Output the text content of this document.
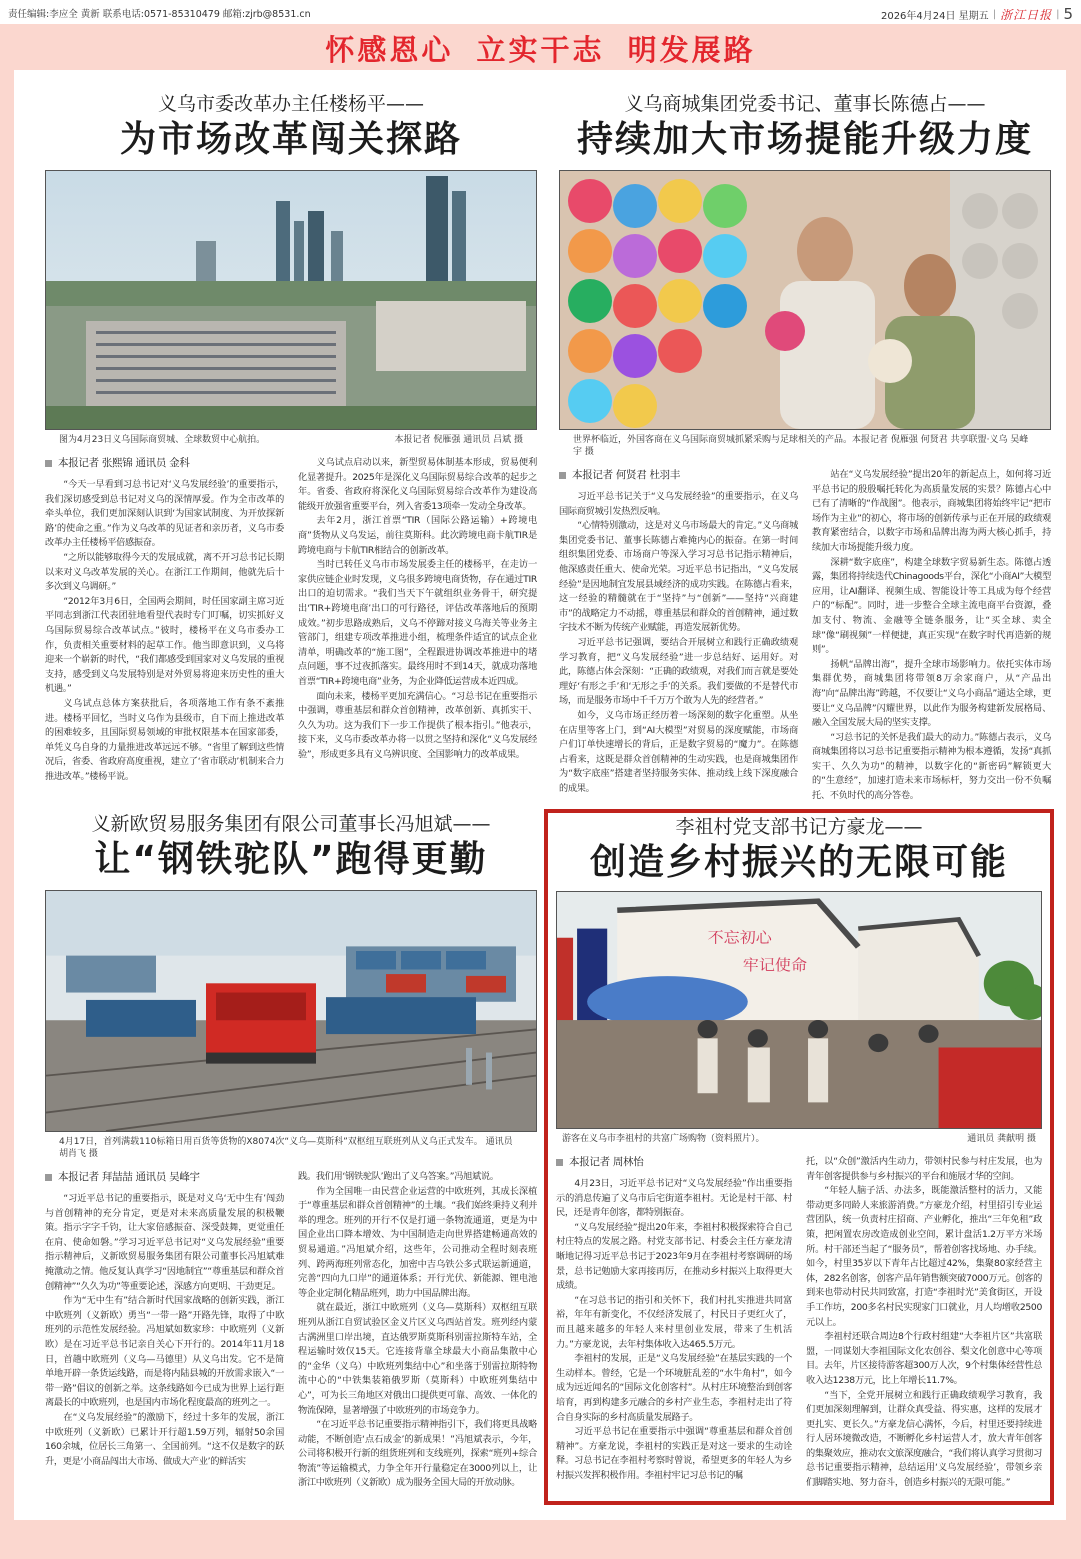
责任编辑:李应全 黄新 联系电话:0571-85310479 邮箱:zjrb@8531.cn	2026年4月24日 星期五 | 浙江日报 | 5
怀感恩心 立实干志 明发展路
义乌市委改革办主任楼杨平——
为市场改革闯关探路
图为4月23日义乌国际商贸城、全球数贸中心航拍。	本报记者 倪雁强 通讯员 吕斌 摄
本报记者 张熙锦 通讯员 金科

“今天一早看到习总书记对‘义乌发展经验’的重要指示，我们深切感受到总书记对义乌的深情厚爱。作为全市改革的牵头单位，我们更加深刻认识到‘为国家试制度、为开放探新路’的使命之重。”作为义乌改革的见证者和亲历者，义乌市委改革办主任楼杨平倍感振奋。

“之所以能够取得今天的发展成就，离不开习总书记长期以来对义乌改革发展的关心。在浙江工作期间，他就先后十多次到义乌调研。”

“2012年3月6日，全国两会期间，时任国家副主席习近平同志到浙江代表团驻地看望代表时专门叮嘱，切实抓好义乌国际贸易综合改革试点。”彼时，楼杨平在义乌市委办工作，负责相关重要材料的起草工作。他当即意识到，义乌将迎来一个崭新的时代，“我们都感受到国家对义乌发展的重视支持，感受到义乌发展特别是对外贸易将迎来历史性的重大机遇。”

义乌试点总体方案获批后，各项落地工作有条不紊推进。楼杨平回忆，当时义乌作为县级市，自下而上推进改革的困难较多，且国际贸易领域的审批权限基本在国家部委，单凭义乌自身的力量推进改革远远不够。“省里了解到这些情况后，省委、省政府高度重视，建立了‘省市联动’机制来合力推进改革。”楼杨平说。

义乌试点启动以来，新型贸易体制基本形成，贸易便利化显著提升。2025年是深化义乌国际贸易综合改革的起步之年。省委、省政府将深化义乌国际贸易综合改革作为建设高能级开放强省重要平台，列入省委13项牵一发动全身改革。

去年2月，浙江首票“TIR（国际公路运输）+跨境电商”货物从义乌发运，前往莫斯科。此次跨境电商卡航TIR是跨境电商与卡航TIR相结合的创新改革。

当时已转任义乌市市场发展委主任的楼杨平，在走访一家供应链企业时发现，义乌很多跨境电商货物，存在通过TIR出口的迫切需求。“我们当天下午就组织业务骨干，研究提出‘TIR+跨境电商’出口的可行路径，评估改革落地后的预期成效。”初步思路成熟后，义乌不停蹄对接义乌海关等业务主管部门，组建专项改革推进小组，梳理条件适宜的试点企业清单，明确改革的“施工图”，全程跟进协调改革推进中的堵点问题，事不过夜抓落实。最终用时不到14天，就成功落地首票“TIR+跨境电商”业务，为企业降低运营成本近四成。

面向未来，楼杨平更加充满信心。“习总书记在重要指示中强调，尊重基层和群众首创精神，改革创新、真抓实干、久久为功。这为我们下一步工作提供了根本指引。”他表示，接下来，义乌市委改革办将一以贯之坚持和深化“义乌发展经验”，形成更多具有义乌辨识度、全国影响力的改革成果。

义乌商城集团党委书记、董事长陈德占——
持续加大市场提能升级力度
世界杯临近，外国客商在义乌国际商贸城抓紧采购与足球相关的产品。本报记者 倪雁强 何贤君 共享联盟·义乌 吴峰宇 摄
本报记者 何贤君 杜羽丰

习近平总书记关于“义乌发展经验”的重要指示，在义乌国际商贸城引发热烈反响。

“心情特别激动，这是对义乌市场最大的肯定。”义乌商城集团党委书记、董事长陈德占难掩内心的振奋。在第一时间组织集团党委、市场商户等深入学习习总书记指示精神后，他深感责任重大、使命光荣。习近平总书记指出，“义乌发展经验”是因地制宜发展县域经济的成功实践。在陈德占看来，这一经验的精髓就在于“坚持”与“创新”——坚持“兴商建市”的战略定力不动摇，尊重基层和群众的首创精神，通过数字技术不断为传统产业赋能，再造发展新优势。

习近平总书记强调，要结合开展树立和践行正确政绩观学习教育，把“义乌发展经验”进一步总结好、运用好。对此，陈德占体会深刻：“正确的政绩观，对我们而言就是要处理好‘有形之手’和‘无形之手’的关系。我们要做的不是替代市场，而是服务市场中千千万万个敢为人先的经营者。”

如今，义乌市场正经历着一场深刻的数字化重塑。从坐在店里等客上门，到“AI大模型”对贸易的深度赋能，市场商户们订单快速增长的背后，正是数字贸易的“魔力”。在陈德占看来，这既是群众首创精神的生动实践，也是商城集团作为“数字底座”搭建者坚持服务实体、推动线上线下深度融合的成果。

站在“义乌发展经验”提出20年的新起点上，如何将习近平总书记的殷殷嘱托转化为高质量发展的实景？陈德占心中已有了清晰的“作战图”。他表示，商城集团将始终牢记“把市场作为主业”的初心，将市场的创新传承与正在开展的政绩观教育紧密结合，以数字市场和品牌出海为两大核心抓手，持续加大市场提能升级力度。

深耕“数字底座”，构建全球数字贸易新生态。陈德占透露，集团将持续迭代Chinagoods平台，深化“小商AI”大模型应用，让AI翻译、视频生成、智能设计等工具成为每个经营户的“标配”。同时，进一步整合全球主流电商平台资源，叠加支付、物流、金融等全链条服务，让“买全球、卖全球”像“刷视频”一样便捷，真正实现“在数字时代再造新的规则”。

扬帆“品牌出海”，提升全球市场影响力。依托实体市场集群优势，商城集团将带领8万余家商户，从“产品出海”向“品牌出海”跨越，不仅要让“义乌小商品”通达全球，更要让“义乌品牌”闪耀世界，以此作为服务构建新发展格局、融入全国发展大局的坚实支撑。

“习总书记的关怀是我们最大的动力。”陈德占表示，义乌商城集团将以习总书记重要指示精神为根本遵循，发扬“真抓实干、久久为功”的精神，以数字化的“新密码”解锁更大的“生意经”，加速打造未来市场标杆，努力交出一份不负嘱托、不负时代的高分答卷。

义新欧贸易服务集团有限公司董事长冯旭斌——
让“钢铁驼队”跑得更勤
4月17日，首列满载110标箱日用百货等货物的X8074次“义乌—莫斯科”双枢纽互联班列从义乌正式发车。 通讯员 胡肖飞 摄
本报记者 拜喆喆 通讯员 吴峰宇

“习近平总书记的重要指示，既是对义乌‘无中生有’闯劲与首创精神的充分肯定，更是对未来高质量发展的积极鞭策。指示字字千钧，让大家倍感振奋、深受鼓舞，更觉重任在肩、使命如磐。”学习习近平总书记对“义乌发展经验”重要指示精神后，义新欧贸易服务集团有限公司董事长冯旭斌难掩激动之情。他反复认真学习“因地制宜”“尊重基层和群众首创精神”“久久为功”等重要论述，深感方向更明、干劲更足。

作为“无中生有”结合新时代国家战略的创新实践，浙江中欧班列（义新欧）勇当“一带一路”开路先锋，取得了中欧班列的示范性发展经验。冯旭斌如数家珍：中欧班列（义新欧）是在习近平总书记亲自关心下开行的。2014年11月18日，首趟中欧班列（义乌—马德里）从义乌出发。它不是简单地开辟一条货运线路，而是将内陆县城的开放需求嵌入“一带一路”倡议的创新之举。这条线路如今已成为世界上运行距离最长的中欧班列，也是国内市场化程度最高的班列之一。

在“义乌发展经验”的激励下，经过十多年的发展，浙江中欧班列（义新欧）已累计开行超1.59万列，辐射50余国160余城，位居长三角第一、全国前列。“这不仅是数字的跃升，更是‘小商品闯出大市场、做成大产业’的鲜活实

践。我们用‘钢铁驼队’跑出了义乌答案。”冯旭斌说。

作为全国唯一由民营企业运营的中欧班列，其成长深植于“尊重基层和群众首创精神”的土壤。“我们始终秉持义利并举的理念。班列的开行不仅是打通一条物流通道，更是为中国企业出口降本增效、为中国制造走向世界搭建畅通高效的贸易通道。”冯旭斌介绍，这些年，公司推动全程时刻表班列、跨两海班列常态化，加密中吉乌铁公多式联运新通道，完善“四向九口岸”的通道体系；开行光伏、新能源、锂电池等企业定制化精品班列，助力中国品牌出海。

就在最近，浙江中欧班列（义乌—莫斯科）双枢纽互联班列从浙江自贸试验区金义片区义乌西站首发。班列经内蒙古满洲里口岸出境，直达俄罗斯莫斯科别雷拉斯特车站，全程运输时效仅15天。它连接背靠全球最大小商品集散中心的“金华（义乌）中欧班列集结中心”和坐落于别雷拉斯特物流中心的“中铁集装箱俄罗斯（莫斯科）中欧班列集结中心”，可为长三角地区对俄出口提供更可靠、高效、一体化的物流保障，显著增强了中欧班列的市场竞争力。

“在习近平总书记重要指示精神指引下，我们将更具战略动能，不断创造‘点石成金’的新成果！”冯旭斌表示，今年，公司将积极开行新的组货班列和支线班列，探索“班列+综合物流”等运输模式，力争全年开行量稳定在3000列以上，让浙江中欧班列（义新欧）成为服务全国大局的开放动脉。

李祖村党支部书记方豪龙——
创造乡村振兴的无限可能
不忘初心
牢记使命
游客在义乌市李祖村的共富广场购物（资料照片）。	通讯员 龚献明 摄
本报记者 周林怡

4月23日，习近平总书记对“义乌发展经验”作出重要指示的消息传遍了义乌市后宅街道李祖村。无论是村干部、村民，还是青年创客，都特别振奋。

“义乌发展经验”提出20年来，李祖村积极探索符合自己村庄特点的发展之路。村党支部书记、村委会主任方豪龙清晰地记得习近平总书记于2023年9月在李祖村考察调研的场景，总书记勉励大家再接再厉，在推动乡村振兴上取得更大成绩。

“在习总书记的指引和关怀下，我们村扎实推进共同富裕，年年有新变化，不仅经济发展了，村民日子更红火了，而且越来越多的年轻人来村里创业发展，带来了生机活力。”方豪龙说，去年村集体收入达465.5万元。

李祖村的发展，正是“义乌发展经验”在基层实践的一个生动样本。曾经，它是一个环境脏乱差的“水牛角村”，如今成为远近闻名的“国际文化创客村”。从村庄环境整治到创客培育，再到构建多元融合的乡村产业生态，李祖村走出了符合自身实际的乡村高质量发展路子。

习近平总书记在重要指示中强调“尊重基层和群众首创精神”。方豪龙说，李祖村的实践正是对这一要求的生动诠释。习总书记在李祖村考察时曾说，希望更多的年轻人为乡村振兴发挥积极作用。李祖村牢记习总书记的嘱

托，以“众创”激活内生动力，带领村民参与村庄发展，也为青年创客提供参与乡村振兴的平台和施展才华的空间。

“年轻人脑子活、办法多，既能激活整村的活力，又能带动更多同龄人来旅游消费。”方豪龙介绍，村里招引专业运营团队，统一负责村庄招商、产业孵化，推出“三年免租”政策，把闲置农房改造成创业空间，累计盘活1.2万平方米场所。村干部还当起了“服务员”，帮着创客找场地、办手续。如今，村里35岁以下青年占比超过42%，集聚80家经营主体，282名创客，创客产品年销售额突破7000万元。创客的到来也带动村民共同致富，打造“李祖时光”美食街区，开设手工作坊，200多名村民实现家门口就业，月人均增收2500元以上。

李祖村还联合周边8个行政村组建“大李祖片区”共富联盟，一同谋划大李祖国际文化农创谷、梨文化创意中心等项目。去年，片区接待游客超300万人次，9个村集体经营性总收入达1238万元，比上年增长11.7%。

“当下，全党开展树立和践行正确政绩观学习教育，我们更加深刻理解到，让群众真受益、得实惠，这样的发展才更扎实、更长久。”方豪龙信心满怀，今后，村里还要持续进行人居环境微改造，不断孵化乡村运营人才，放大青年创客的集聚效应，推动农文旅深度融合，“我们将认真学习贯彻习总书记重要指示精神，总结运用‘义乌发展经验’，带领乡亲们脚踏实地、努力奋斗，创造乡村振兴的无限可能。”
